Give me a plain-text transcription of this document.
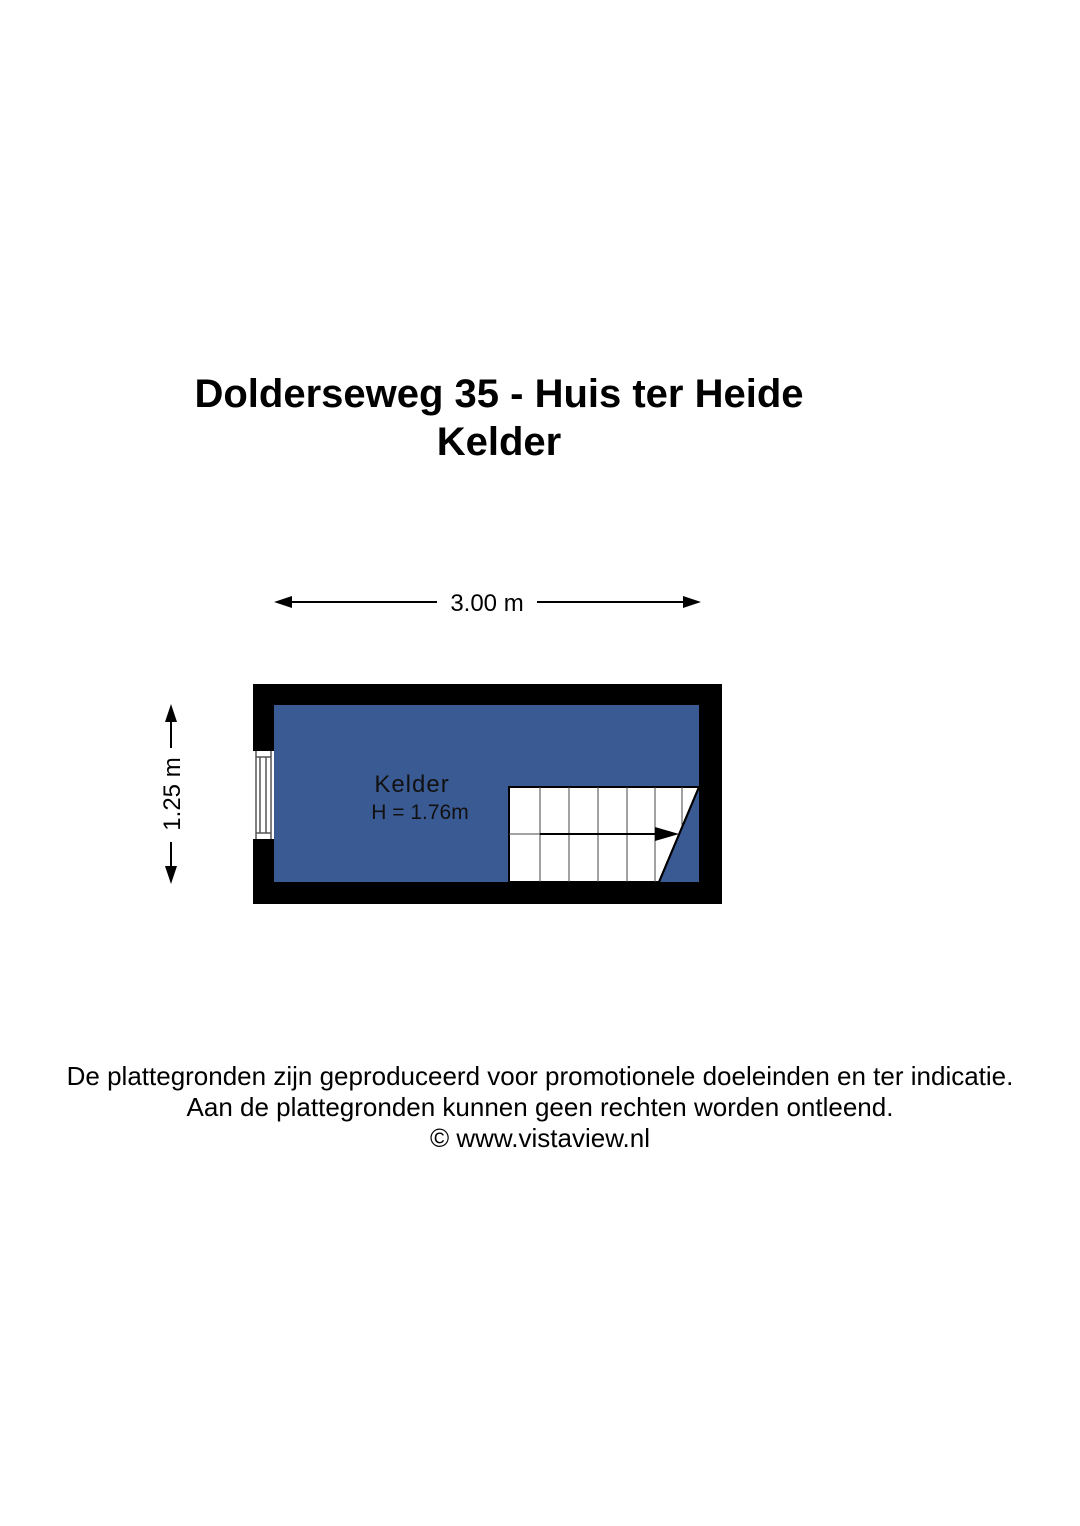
Dolderseweg 35 - Huis ter Heide
Kelder
3.00 m
1.25 m	Kelder
H = 1.76m

De plattegronden zijn geproduceerd voor promotionele doeleinden en ter indicatie.

Aan de plattegronden kunnen geen rechten worden ontleend.

© www.vistaview.nl
